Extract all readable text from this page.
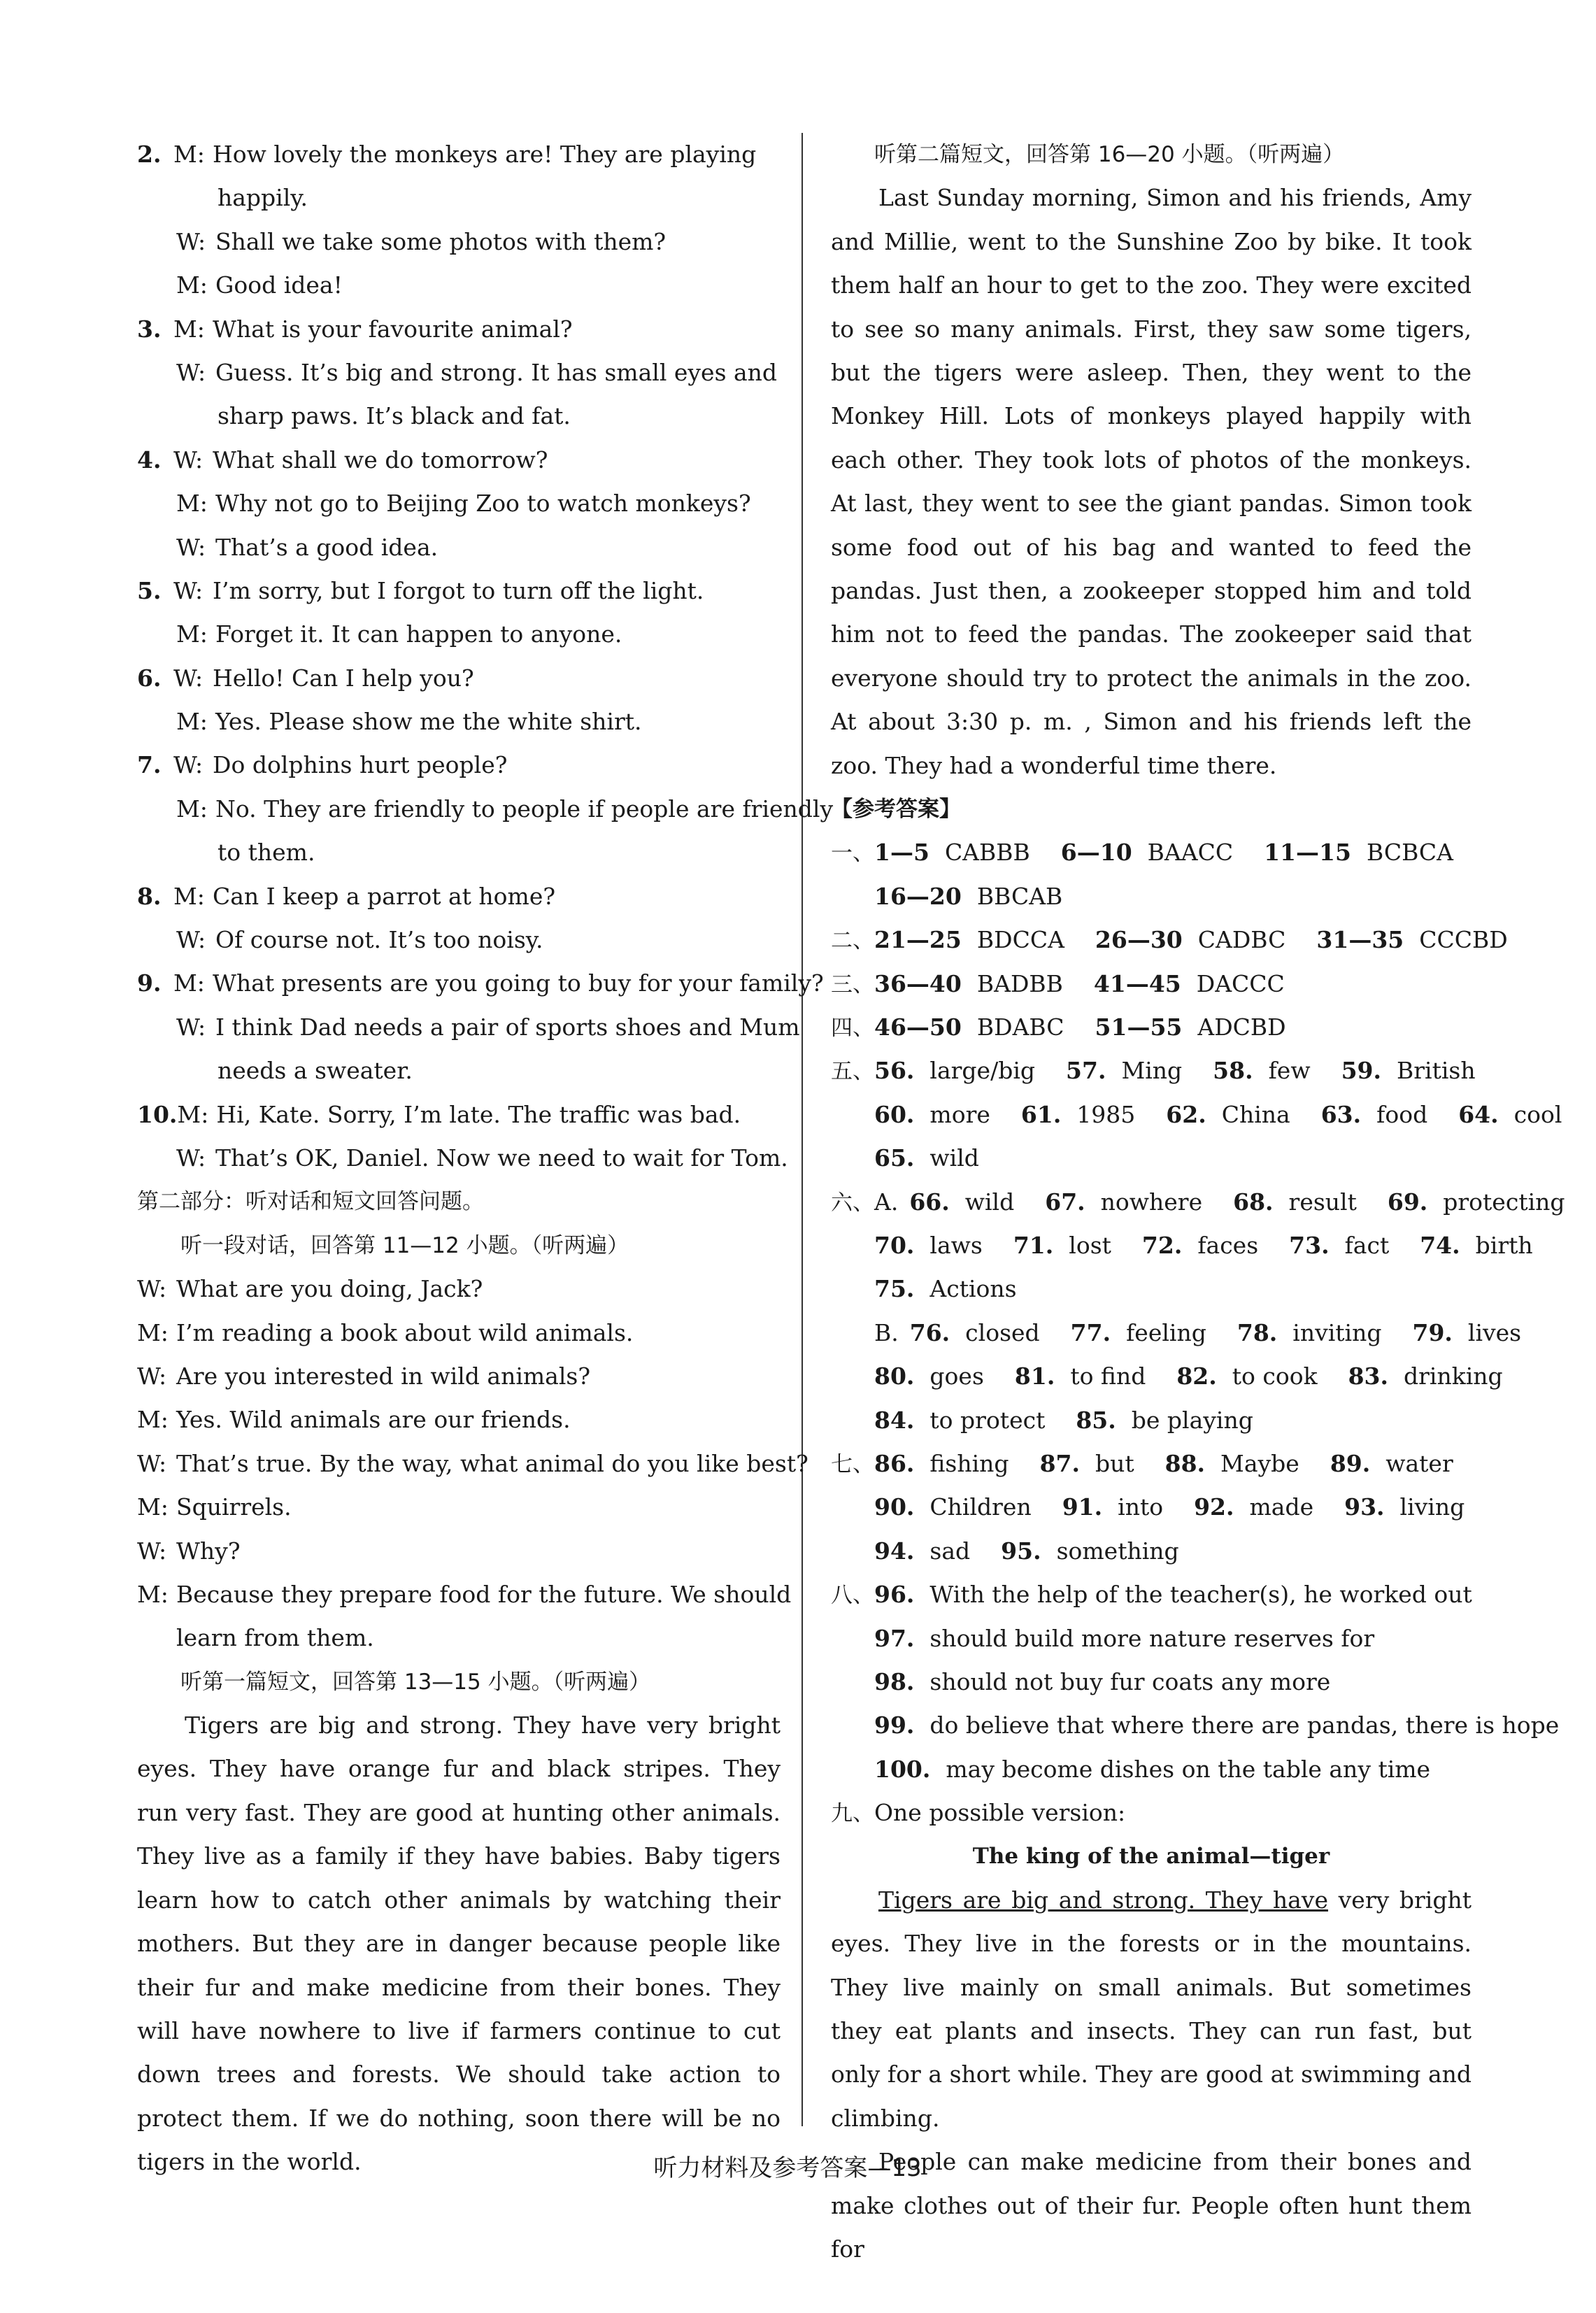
2. M: How lovely the monkeys are! They are playing
happily.
W: Shall we take some photos with them?
M: Good idea!
3. M: What is your favourite animal?
W: Guess. It’s big and strong. It has small eyes and
sharp paws. It’s black and fat.
4. W: What shall we do tomorrow?
M: Why not go to Beijing Zoo to watch monkeys?
W: That’s a good idea.
5. W: I’m sorry, but I forgot to turn off the light.
M: Forget it. It can happen to anyone.
6. W: Hello! Can I help you?
M: Yes. Please show me the white shirt.
7. W: Do dolphins hurt people?
M: No. They are friendly to people if people are friendly
to them.
8. M: Can I keep a parrot at home?
W: Of course not. It’s too noisy.
9. M: What presents are you going to buy for your family?
W: I think Dad needs a pair of sports shoes and Mum
needs a sweater.
10.M: Hi, Kate. Sorry, I’m late. The traffic was bad.
W: That’s OK, Daniel. Now we need to wait for Tom.
第二部分：听对话和短文回答问题。
听一段对话，回答第 11—12 小题。（听两遍）
W: What are you doing, Jack?
M: I’m reading a book about wild animals.
W: Are you interested in wild animals?
M: Yes. Wild animals are our friends.
W: That’s true. By the way, what animal do you like best?
M: Squirrels.
W: Why?
M: Because they prepare food for the future. We should
learn from them.
听第一篇短文，回答第 13—15 小题。（听两遍）
Tigers are big and strong. They have very bright eyes. They have orange fur and black stripes. They run very fast. They are good at hunting other animals. They live as a family if they have babies. Baby tigers learn how to catch other animals by watching their mothers. But they are in danger because people like their fur and make medicine from their bones. They will have nowhere to live if farmers continue to cut down trees and forests. We should take action to protect them. If we do nothing, soon there will be no tigers in the world.
听第二篇短文，回答第 16—20 小题。（听两遍）
Last Sunday morning, Simon and his friends, Amy and Millie, went to the Sunshine Zoo by bike. It took them half an hour to get to the zoo. They were excited to see so many animals. First, they saw some tigers, but the tigers were asleep. Then, they went to the Monkey Hill. Lots of monkeys played happily with each other. They took lots of photos of the monkeys. At last, they went to see the giant pandas. Simon took some food out of his bag and wanted to feed the pandas. Just then, a zookeeper stopped him and told him not to feed the pandas. The zookeeper said that everyone should try to protect the animals in the zoo. At about 3:30 p. m. , Simon and his friends left the zoo. They had a wonderful time there.
【参考答案】
一、1—5 CABBB 6—10 BAACC 11—15 BCBCA
16—20 BBCAB
二、21—25 BDCCA 26—30 CADBC 31—35 CCCBD
三、36—40 BADBB 41—45 DACCC
四、46—50 BDABC 51—55 ADCBD
五、56. large/big 57. Ming 58. few 59. British
60. more 61. 1985 62. China 63. food 64. cool
65. wild
六、A. 66. wild 67. nowhere 68. result 69. protecting
70. laws 71. lost 72. faces 73. fact 74. birth
75. Actions
B. 76. closed 77. feeling 78. inviting 79. lives
80. goes 81. to find 82. to cook 83. drinking
84. to protect 85. be playing
七、86. fishing 87. but 88. Maybe 89. water
90. Children 91. into 92. made 93. living
94. sad 95. something
八、96. With the help of the teacher(s), he worked out
97. should build more nature reserves for
98. should not buy fur coats any more
99. do believe that where there are pandas, there is hope
100. may become dishes on the table any time
九、One possible version:
The king of the animal—tiger
Tigers are big and strong. They have very bright eyes. They live in the forests or in the mountains. They live mainly on small animals. But sometimes they eat plants and insects. They can run fast, but only for a short while. They are good at swimming and climbing.
People can make medicine from their bones and make clothes out of their fur. People often hunt them for
听力材料及参考答案—13
